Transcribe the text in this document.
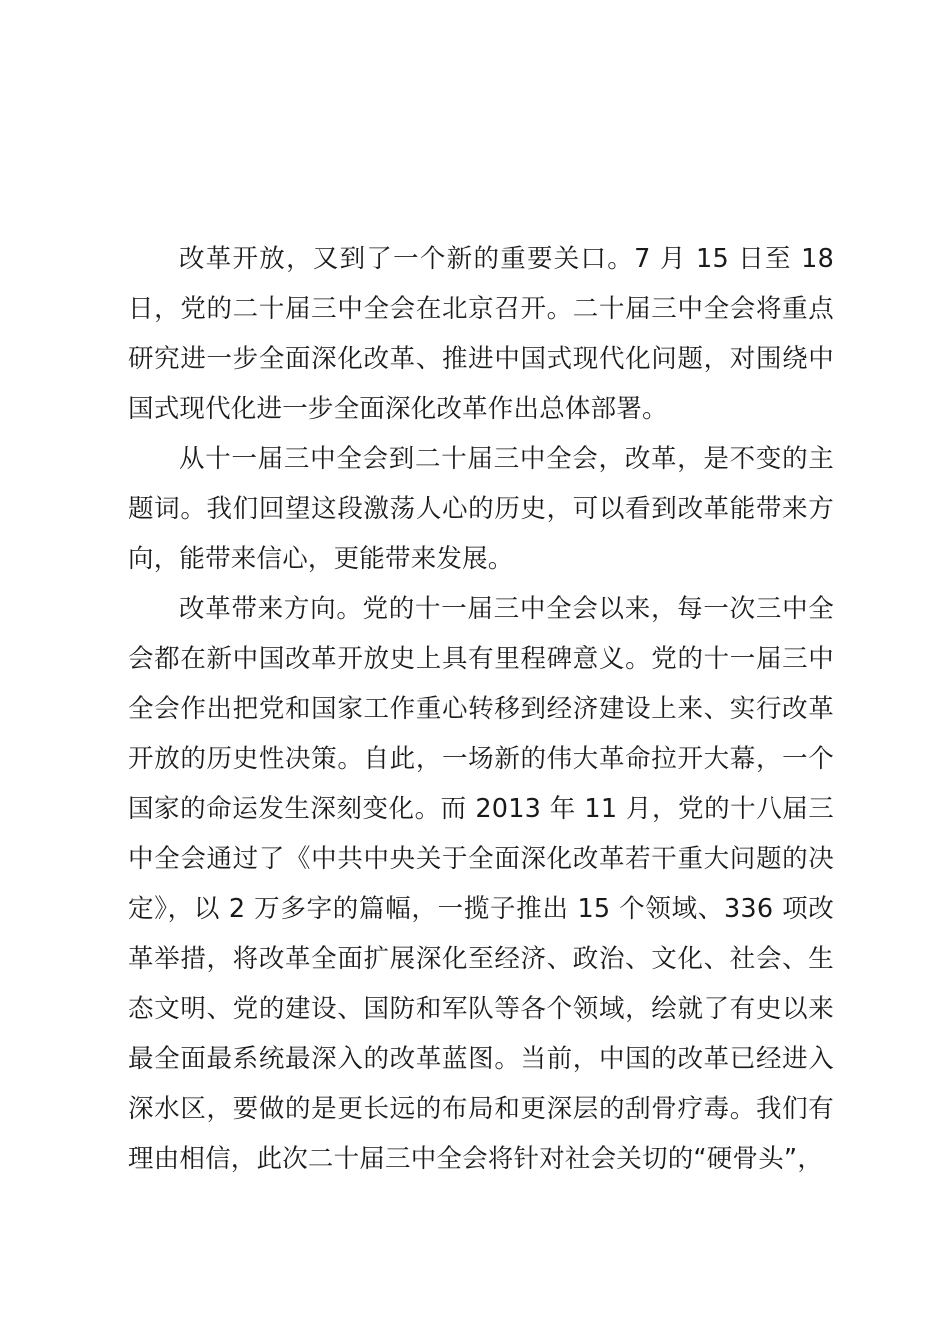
改革开放，又到了一个新的重要关口。7 月 15 日至 18 日，党的二十届三中全会在北京召开。二十届三中全会将重点研究进一步全面深化改革、推进中国式现代化问题，对围绕中国式现代化进一步全面深化改革作出总体部署。

从十一届三中全会到二十届三中全会，改革，是不变的主题词。我们回望这段激荡人心的历史，可以看到改革能带来方向，能带来信心，更能带来发展。

改革带来方向。党的十一届三中全会以来，每一次三中全会都在新中国改革开放史上具有里程碑意义。党的十一届三中全会作出把党和国家工作重心转移到经济建设上来、实行改革开放的历史性决策。自此，一场新的伟大革命拉开大幕，一个国家的命运发生深刻变化。而 2013 年 11 月，党的十八届三中全会通过了《中共中央关于全面深化改革若干重大问题的决定》，以 2 万多字的篇幅，一揽子推出 15 个领域、336 项改革举措，将改革全面扩展深化至经济、政治、文化、社会、生态文明、党的建设、国防和军队等各个领域，绘就了有史以来最全面最系统最深入的改革蓝图。当前，中国的改革已经进入深水区，要做的是更长远的布局和更深层的刮骨疗毒。我们有理由相信，此次二十届三中全会将针对社会关切的“硬骨头”，
